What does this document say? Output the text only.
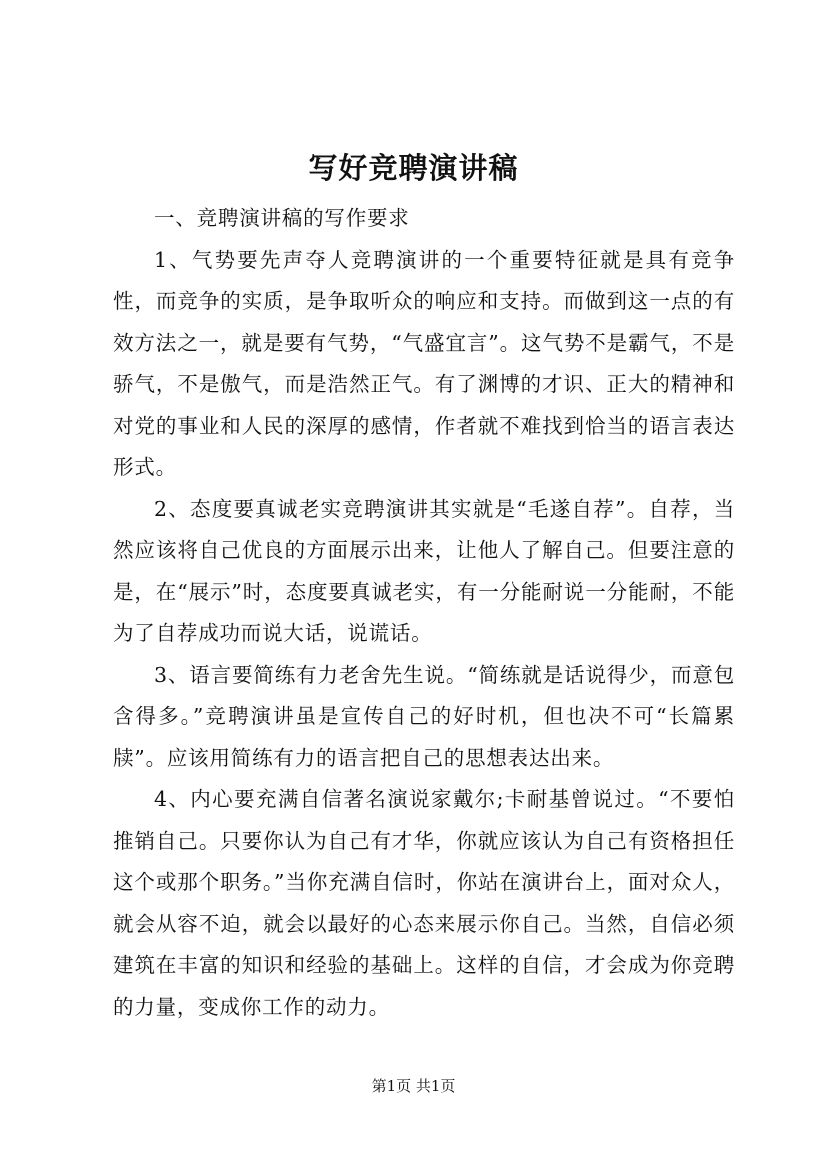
写好竞聘演讲稿

一、竞聘演讲稿的写作要求

1、气势要先声夺人竞聘演讲的一个重要特征就是具有竞争性，而竞争的实质，是争取听众的响应和支持。而做到这一点的有效方法之一，就是要有气势，“气盛宜言”。这气势不是霸气，不是骄气，不是傲气，而是浩然正气。有了渊博的才识、正大的精神和对党的事业和人民的深厚的感情，作者就不难找到恰当的语言表达形式。

2、态度要真诚老实竞聘演讲其实就是“毛遂自荐”。自荐，当然应该将自己优良的方面展示出来，让他人了解自己。但要注意的是，在“展示”时，态度要真诚老实，有一分能耐说一分能耐，不能为了自荐成功而说大话，说谎话。

3、语言要简练有力老舍先生说。“简练就是话说得少，而意包含得多。”竞聘演讲虽是宣传自己的好时机，但也决不可“长篇累牍”。应该用简练有力的语言把自己的思想表达出来。

4、内心要充满自信著名演说家戴尔;卡耐基曾说过。“不要怕推销自己。只要你认为自己有才华，你就应该认为自己有资格担任这个或那个职务。”当你充满自信时，你站在演讲台上，面对众人，就会从容不迫，就会以最好的心态来展示你自己。当然，自信必须建筑在丰富的知识和经验的基础上。这样的自信，才会成为你竞聘的力量，变成你工作的动力。

第1页 共1页
